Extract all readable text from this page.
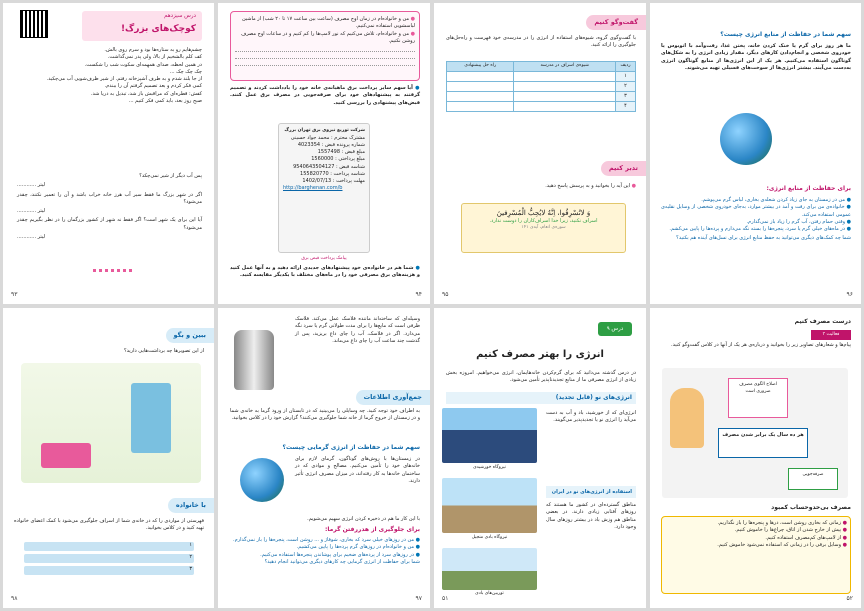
درس سیزدهم
کوچک‌های بزرگ!
چشم‌هایم رو به ستاره‌ها بود و سرم روی بالش.
کف کلم بالشخیم از بالا، ولی پدر نمی‌گذاشت.
در همین لحظه، صدای همهمه‌ای سکوت شب را شکست.
چک چک چک ...
از جا بلند شدم و به طرف آشپزخانه رفتم. از شیر ظرف‌شویی آب می‌چکید.
کمی فکر کردم و بعد تصمیم گرفتم آن را ببندم.
کفش: قطره‌ای که مراقبش باز شد، تبدیل به دریا شد.
صبح روز بعد، باید کمی فکر کنیم ...
پس آب دیگر از شیر نمی‌چکد؟
لیتر ............
اگر در شهر بزرگ ما فقط سیر آب هرز خانه خراب باشد و آن را تعمیر نکنند، چقدر می‌شود؟
لیتر ............
آیا این برای یک شهر است؟ اگر فقط نه شهر از کشور بزرگمان را در نظر بگیریم چقدر می‌شود؟
لیتر ............
۹۳
● من و خانواده‌ام در زمان اوج مصرف (ساعت بین ساعت ۱۷ تا ۲۰ شب) از ماشین لباسشویی استفاده نمی‌کنیم.
● من و خانواده‌ام، تلاش می‌کنیم که نور لامپ‌ها را کم کنیم و در ساعات اوج مصرف روشن نکنیم.
● آیا سهم سایر پرداخت برق ماهیانه‌ی خانه خود را یادداشت کردند و تصمیم گرفتند به پیشنهادهای خود برای صرفه‌جویی در مصرف برق عمل کنند. قبض‌های پیشنهادی را بررسی کنید.
شرکت توزیع نیروی برق تهران بزرگ
مشترک محترم : محمد جواد حسینی
شماره پرونده قبض : 4023354
مبلغ قبض : 1557498
مبلغ پرداختی : 1560000
شناسه قبض : 9540643504127
شناسه پرداخت : 155820770
مهلت پرداخت : 1402/07/13
http://barghenan.com/b
پیامک پرداخت قبض برق
● شما هم در خانواده‌ی خود پیشنهادهای جدیدی ارائه دهید و به آنها عمل کنید و هزینه‌های برق مصرفی خود را در ماه‌های مختلف با یکدیگر مقایسه کنید.
۹۴
گفت‌وگو کنیم
با گفت‌وگوی گروه، شیوه‌های استفاده از انرژی را در مدرسه‌ی خود فهرست و راه‌حل‌های جلوگیری را ارائه کنید.
ردیف	شیوه‌ی اسراف در مدرسه	راه حل پیشنهادی
۱		
۲		
۳		
۴		
تدبر کنیم
● این آیه را بخوانید و به پرسش پاسخ دهید.
وَ لاتُسْرِفُوا، اِنَّهُ لایُحِبُّ الْمُسْرِفینَ
اسراف نکنید، زیرا خدا اسراف‌کاران را دوست ندارد.
سوره‌ی انعام، آیه‌ی ۱۴۱
۹۵
سهم شما در حفاظت از منابع انرژی چیست؟
ما هر روز برای گرم یا خنک کردن خانه، پختن غذا، رفت‌وآمد با اتوبوس یا خودروی شخصی و انجام‌دادن کارهای دیگر، مقدار زیادی انرژی را به شکل‌های گوناگون استفاده می‌کنیم. هر یک از این انرژی‌ها از منابع گوناگون انرژی به‌دست می‌آیند. بیشتر انرژی‌ها از سوخت‌های فسیلی تهیه می‌شوند.
برای حفاظت از منابع انرژی:
● من در زمستان به جای زیاد کردن شعله‌ی بخاری، لباس گرم می‌پوشم.
● خانواده‌ی من برای رفت و آمد در بیشتر موارد، به‌جای خودروی شخصی از وسایل نقلیه‌ی عمومی استفاده می‌کند.
● وقتی حمام رفتن، آب گرم را زیاد باز نمی‌گذارم.
● در ماه‌های خیلی گرم یا سرد، پنجره‌ها را بسته نگه می‌دارم و پرده‌ها را پایین می‌کشم.
شما چه کمک‌های دیگری می‌توانید به حفظ منابع انرژی برای نسل‌های آینده هم بکنید؟
۹۶
ببین و بگو
از این تصویرها چه برداشت‌هایی دارید؟
با خانواده
فهرستی از مواردی را که در خانه‌ی شما از اسراف جلوگیری می‌شود با کمک اعضای خانواده تهیه کنید و در کلاس بخوانید.
۱
۲
۳
۹۸
وسیله‌ای که ساخته‌اند ماننده فلاسک عمل می‌کند. فلاسک ظرفی است که مایع‌ها را برای مدت طولانی گرم یا سرد نگه می‌دارد. اگر در فلاسک، آب را چای داغ بریزید، پس از گذشت چند ساعت آب را چای داغ می‌ماند.
جمع‌آوری اطلاعات
به اطراف خود توجه کنید. چه وسایلی را می‌بینید که در تابستان از ورود گرما به خانه‌ی شما و در زمستان از خروج گرما از خانه شما جلوگیری می‌کنند؟ گزارش خود را در کلاس بخوانید.
سهم شما در حفاظت از انرژی گرمایی چیست؟
در زمستان‌ها با روش‌های گوناگون، گرمای لازم برای خانه‌های خود را تأمین می‌کنیم. مصالح و موادی که در ساختمان خانه‌ها به کار رفته‌اند، در میزان مصرف انرژی تأثیر دارند.
با این کار ما هم در ذخیره کردن انرژی سهیم می‌شویم.
برای جلوگیری از هدررفتن گرما:
● من در روزهای خیلی سرد که بخاری، شوفاژ و ... روشن است، پنجره‌ها را باز نمی‌گذارم.
● من و خانواده‌ام در روزهای گرم پرده‌ها را پایین می‌کشیم.
● در روزهای سرد از پرده‌های ضخیم برای پوشاندن پنجره‌ها استفاده می‌کنیم.
شما برای حفاظت از انرژی گرمایی چه کارهای دیگری می‌توانید انجام دهید؟
۹۷
درس ۹
انرژی را بهتر مصرف کنیم
در درس گذشته می‌دانید که برای گرم‌کردن خانه‌هایمان، انرژی می‌خواهیم. امروزه بخش زیادی از انرژی مصرفی ما از منابع تجدیدناپذیر تأمین می‌شود.
انرژی‌های نو (قابل تجدید)
نیروگاه خورشیدی
انرژی‌ای که از خورشید، باد و آب به دست می‌آید را انرژی نو یا تجدیدپذیر می‌گویند.
نیروگاه بادی منجیل
استفاده از انرژی‌های نو در ایران
مناطق گسترده‌ای در کشور ما هستند که روزهای آفتابی زیادی دارند. در بعضی مناطق هم وزش باد در بیشتر روزهای سال وجود دارد.
توربین‌های بادی
۵۱
درست مصرف کنیم
فعالیت ۳
پیام‌ها و شعارهای تصاویر زیر را بخوانید و درباره‌ی هر یک از آنها در کلاس گفت‌وگو کنید.
اصلاح الگوی مصرف ضروری است
هر ده سال یک برابر شدن مصرف
صرفه‌جویی
مصرف بی‌حد‌وحساب کمبود
● زمانی که بخاری روشن است، درها و پنجره‌ها را باز نگذاریم.
● پیش از خارج شدن از اتاق، چراغ‌ها را خاموش کنیم.
● از لامپ‌های کم‌مصرف استفاده کنیم.
● وسایل برقی را در زمانی که استفاده نمی‌شود خاموش کنیم.
۵۲
